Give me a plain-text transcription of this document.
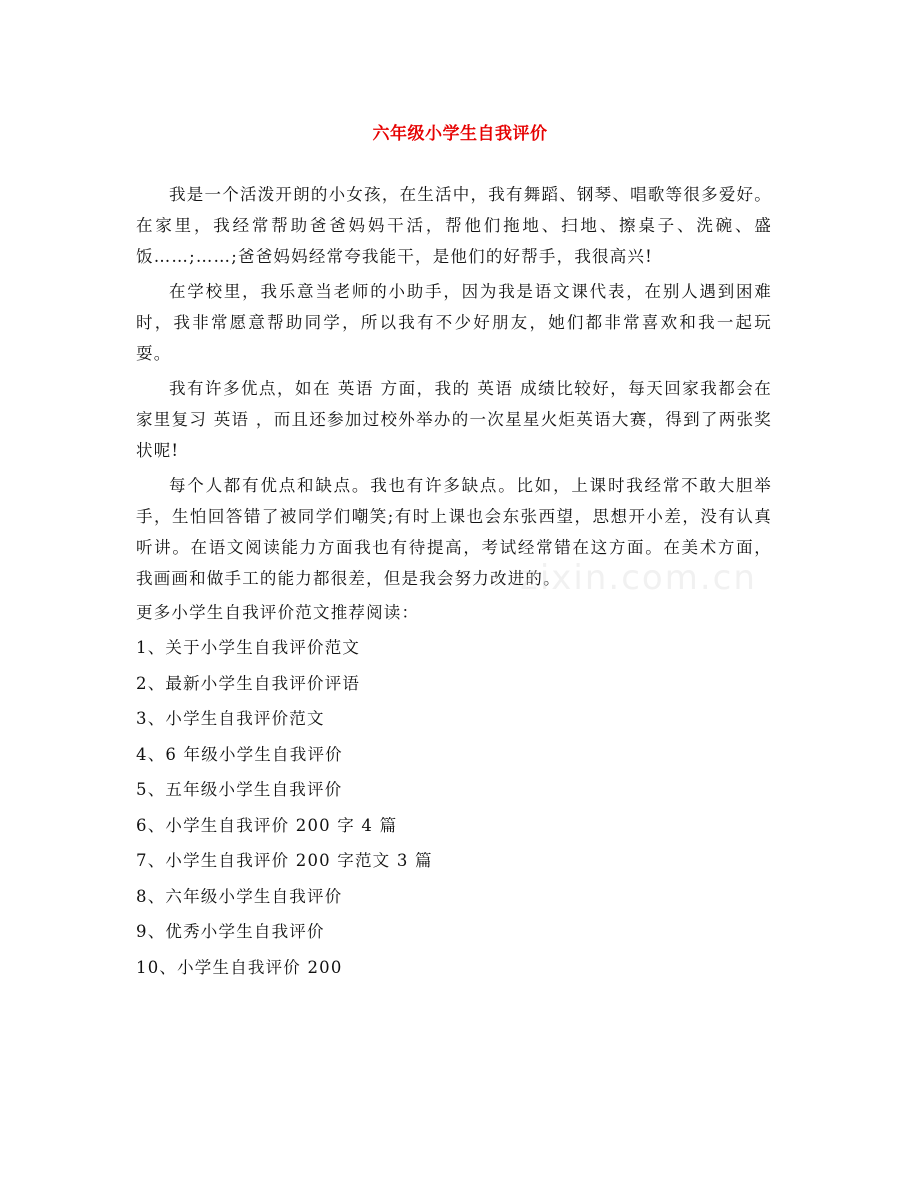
六年级小学生自我评价

我是一个活泼开朗的小女孩，在生活中，我有舞蹈、钢琴、唱歌等很多爱好。在家里，我经常帮助爸爸妈妈干活，帮他们拖地、扫地、擦桌子、洗碗、盛饭……;……;爸爸妈妈经常夸我能干，是他们的好帮手，我很高兴!

在学校里，我乐意当老师的小助手，因为我是语文课代表，在别人遇到困难时，我非常愿意帮助同学，所以我有不少好朋友，她们都非常喜欢和我一起玩耍。

我有许多优点，如在 英语 方面，我的 英语 成绩比较好，每天回家我都会在家里复习 英语 ，而且还参加过校外举办的一次星星火炬英语大赛，得到了两张奖状呢!

每个人都有优点和缺点。我也有许多缺点。比如，上课时我经常不敢大胆举手，生怕回答错了被同学们嘲笑;有时上课也会东张西望，思想开小差，没有认真听讲。在语文阅读能力方面我也有待提高，考试经常错在这方面。在美术方面，我画画和做手工的能力都很差，但是我会努力改进的。

更多小学生自我评价范文推荐阅读：

1、关于小学生自我评价范文
2、最新小学生自我评价评语
3、小学生自我评价范文
4、6 年级小学生自我评价
5、五年级小学生自我评价
6、小学生自我评价 200 字 4 篇
7、小学生自我评价 200 字范文 3 篇
8、六年级小学生自我评价
9、优秀小学生自我评价
10、小学生自我评价 200
zixin.com.cn
